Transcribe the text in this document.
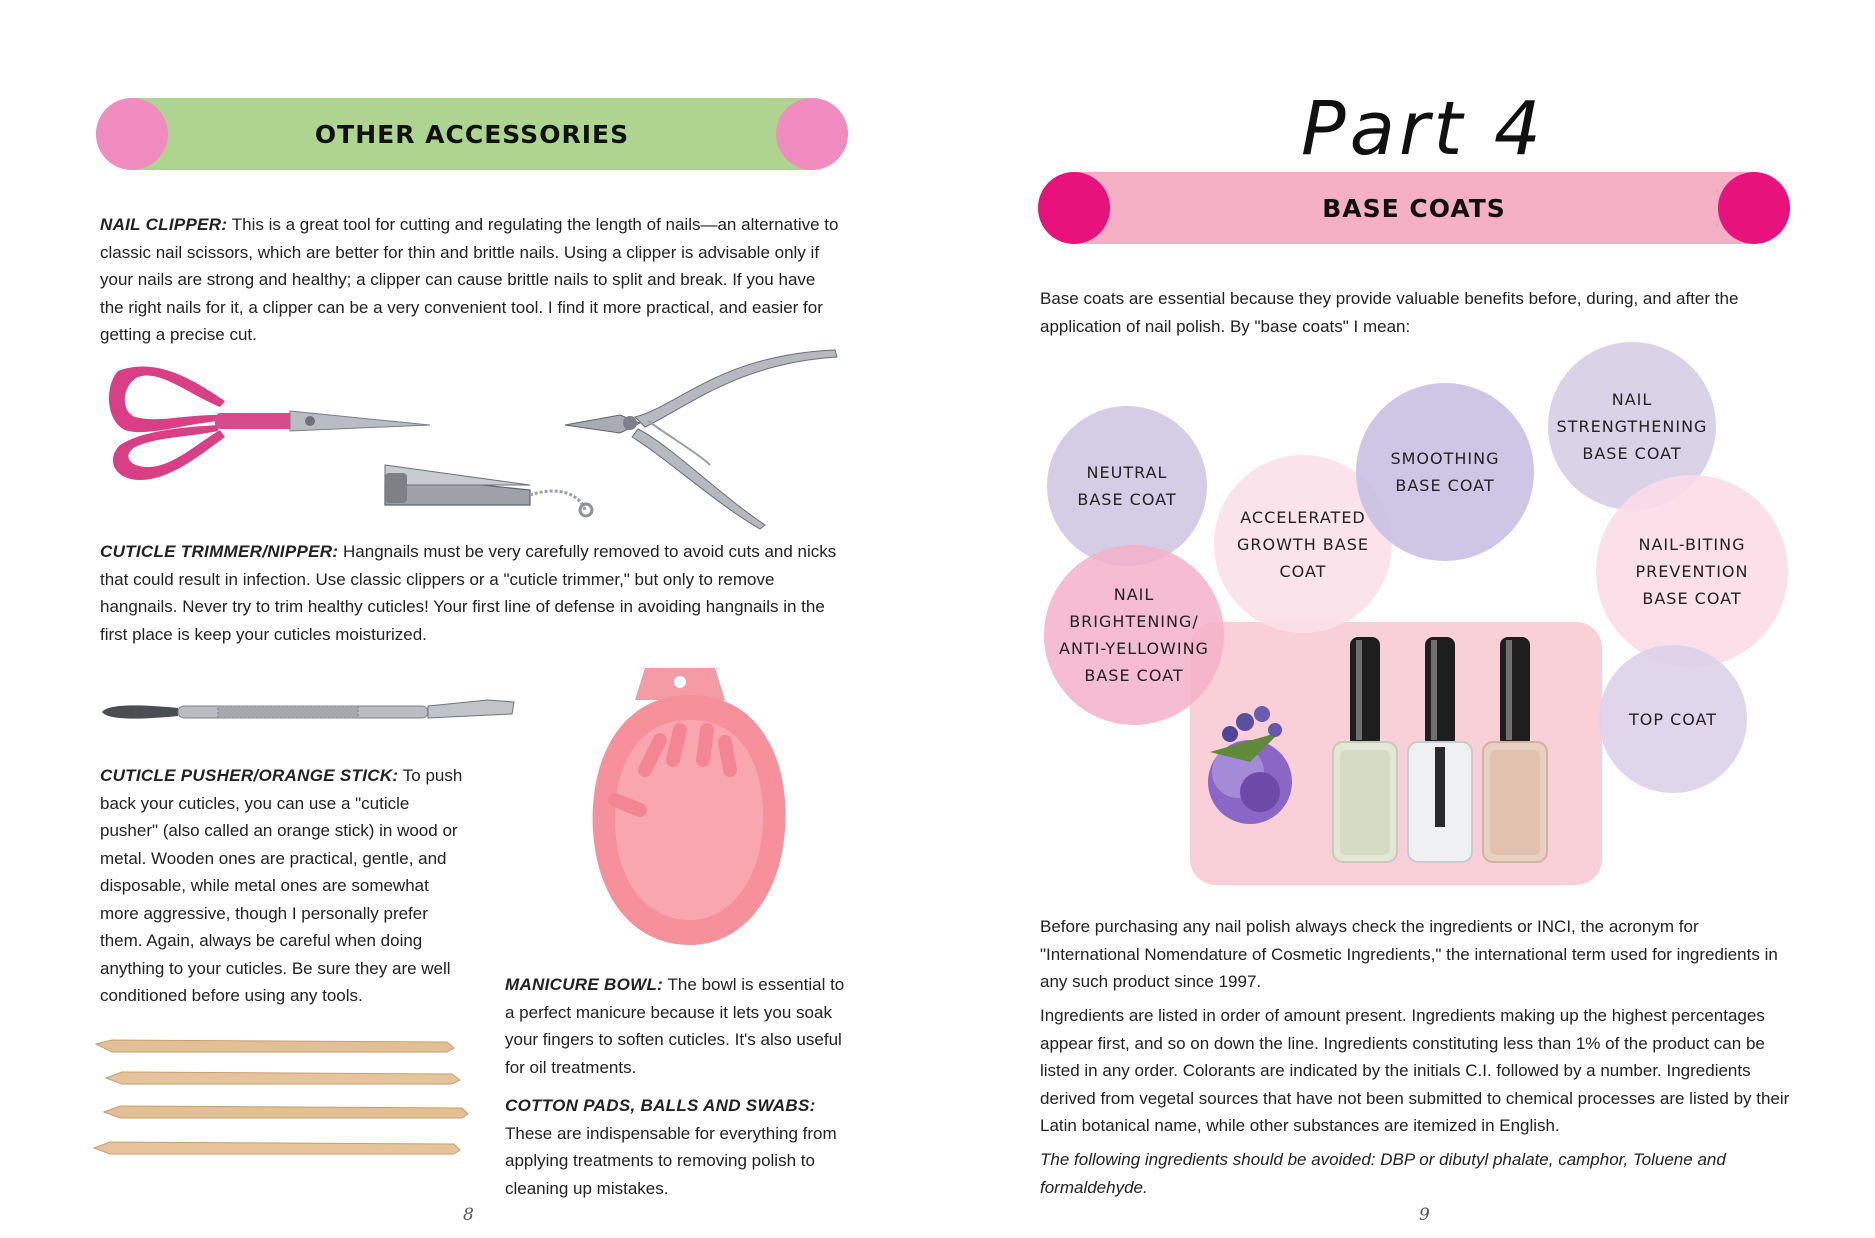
OTHER ACCESSORIES
NAIL CLIPPER: This is a great tool for cutting and regulating the length of nails—an alternative to classic nail scissors, which are better for thin and brittle nails. Using a clipper is advisable only if your nails are strong and healthy; a clipper can cause brittle nails to split and break. If you have the right nails for it, a clipper can be a very convenient tool. I find it more practical, and easier for getting a precise cut.
CUTICLE TRIMMER/NIPPER: Hangnails must be very carefully removed to avoid cuts and nicks that could result in infection. Use classic clippers or a "cuticle trimmer," but only to remove hangnails. Never try to trim healthy cuticles! Your first line of defense in avoiding hangnails in the first place is keep your cuticles moisturized.
CUTICLE PUSHER/ORANGE STICK: To push back your cuticles, you can use a "cuticle pusher" (also called an orange stick) in wood or metal. Wooden ones are practical, gentle, and disposable, while metal ones are somewhat more aggressive, though I personally prefer them. Again, always be careful when doing anything to your cuticles. Be sure they are well conditioned before using any tools.
MANICURE BOWL: The bowl is essential to a perfect manicure because it lets you soak your fingers to soften cuticles. It's also useful for oil treatments.
COTTON PADS, BALLS AND SWABS: These are indispensable for everything from applying treatments to removing polish to cleaning up mistakes.
8
Part 4
BASE COATS
Base coats are essential because they provide valuable benefits before, during, and after the application of nail polish. By "base coats" I mean:
NEUTRAL
BASE COAT
ACCELERATED
GROWTH BASE
COAT
SMOOTHING
BASE COAT
NAIL
STRENGTHENING
BASE COAT
NAIL-BITING
PREVENTION
BASE COAT
NAIL
BRIGHTENING/
ANTI-YELLOWING
BASE COAT
TOP COAT
Before purchasing any nail polish always check the ingredients or INCI, the acronym for "International Nomendature of Cosmetic Ingredients," the international term used for ingredients in any such product since 1997.
Ingredients are listed in order of amount present. Ingredients making up the highest percentages appear first, and so on down the line. Ingredients constituting less than 1% of the product can be listed in any order. Colorants are indicated by the initials C.I. followed by a number. Ingredients derived from vegetal sources that have not been submitted to chemical processes are listed by their Latin botanical name, while other substances are itemized in English.
The following ingredients should be avoided: DBP or dibutyl phalate, camphor, Toluene and formaldehyde.
9
